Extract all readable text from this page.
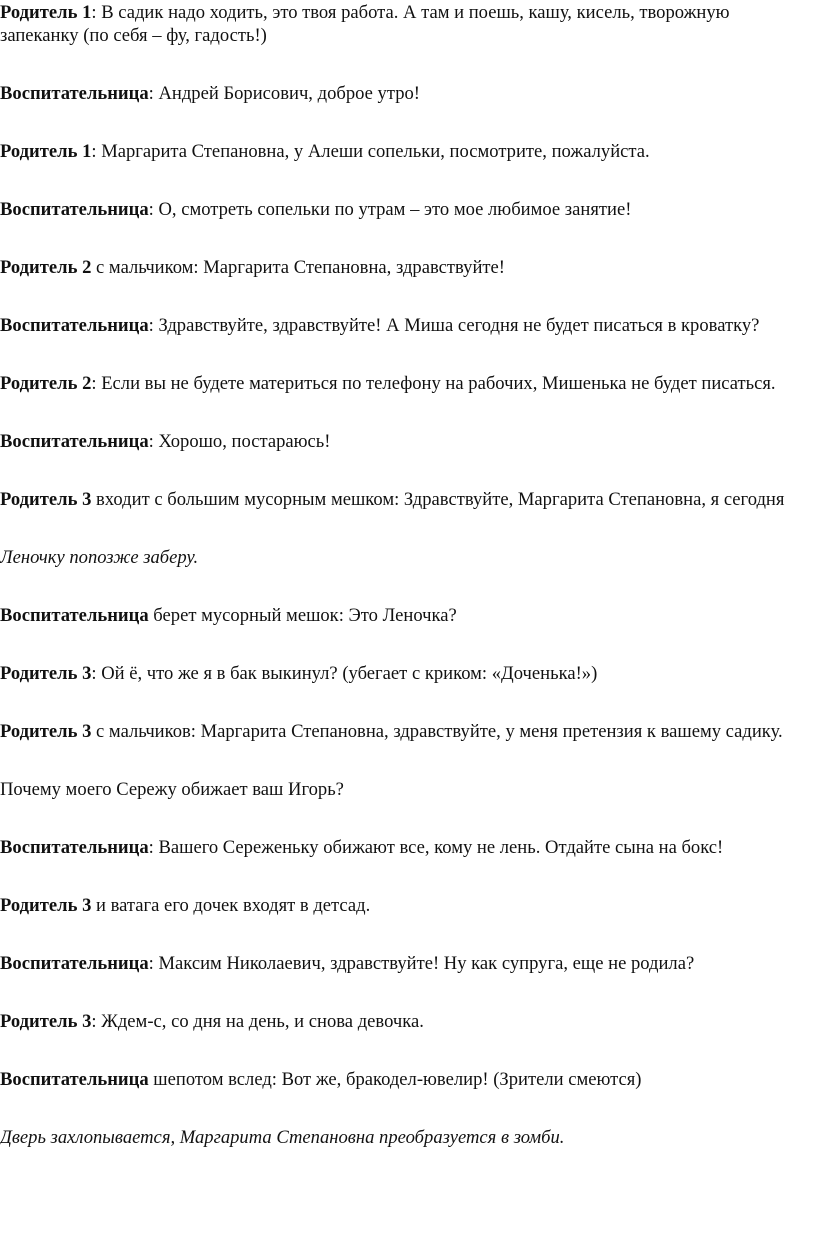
Родитель 1: В садик надо ходить, это твоя работа. А там и поешь, кашу, кисель, творожную запеканку (по себя – фу, гадость!)

Воспитательница: Андрей Борисович, доброе утро!

Родитель 1: Маргарита Степановна, у Алеши сопельки, посмотрите, пожалуйста.

Воспитательница: О, смотреть сопельки по утрам – это мое любимое занятие!

Родитель 2 с мальчиком: Маргарита Степановна, здравствуйте!

Воспитательница: Здравствуйте, здравствуйте! А Миша сегодня не будет писаться в кроватку?

Родитель 2: Если вы не будете материться по телефону на рабочих, Мишенька не будет писаться.

Воспитательница: Хорошо, постараюсь!

Родитель 3 входит с большим мусорным мешком: Здравствуйте, Маргарита Степановна, я сегодня

Леночку попозже заберу.

Воспитательница берет мусорный мешок: Это Леночка?

Родитель 3: Ой ё, что же я в бак выкинул? (убегает с криком: «Доченька!»)

Родитель 3 с мальчиков: Маргарита Степановна, здравствуйте, у меня претензия к вашему садику.

Почему моего Сережу обижает ваш Игорь?

Воспитательница: Вашего Сереженьку обижают все, кому не лень. Отдайте сына на бокс!

Родитель 3 и ватага его дочек входят в детсад.

Воспитательница: Максим Николаевич, здравствуйте! Ну как супруга, еще не родила?

Родитель 3: Ждем-с, со дня на день, и снова девочка.

Воспитательница шепотом вслед: Вот же, бракодел-ювелир! (Зрители смеются)

Дверь захлопывается, Маргарита Степановна преобразуется в зомби.
